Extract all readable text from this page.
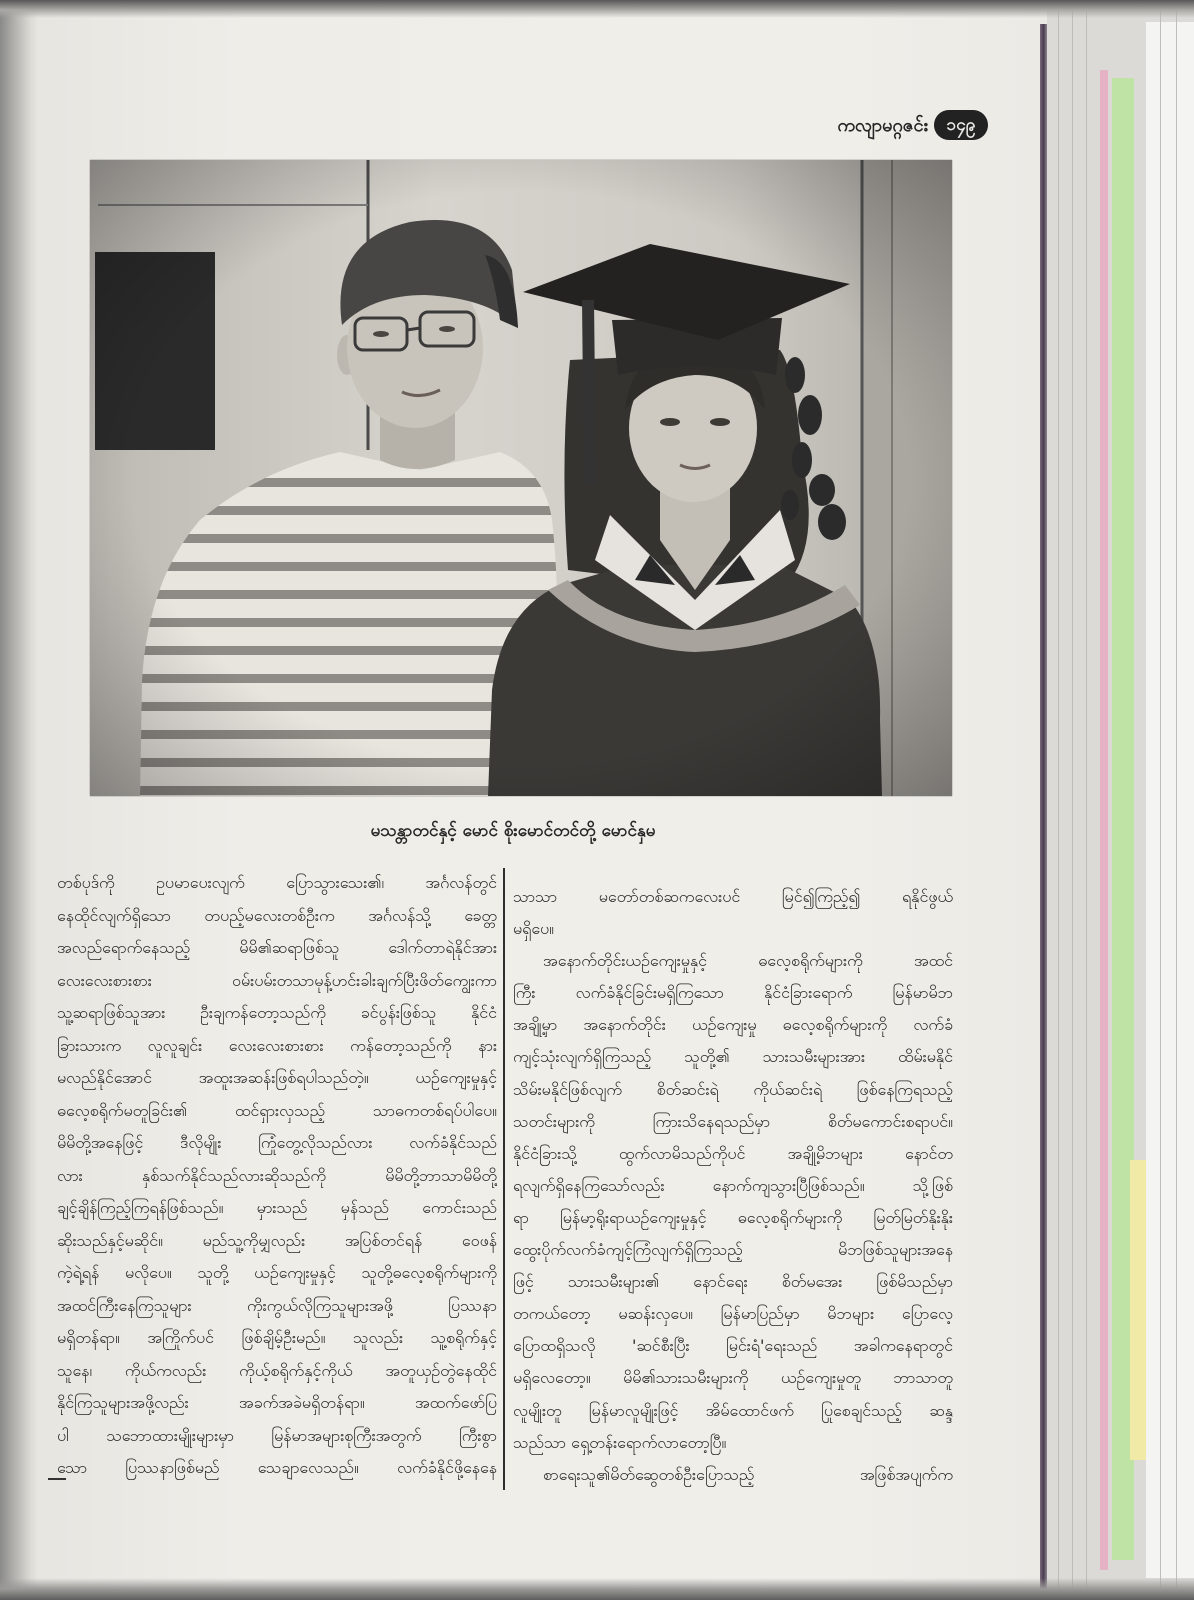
ကလျာမဂ္ဂဇင်း	၁၄၉
မသန္တာတင်နှင့် မောင် စိုးမောင်တင်တို့ မောင်နှမ
တစ်ပုဒ်ကို ဥပမာပေးလျက် ပြောသွားသေး၏၊ အင်္ဂလန်တွင်
နေထိုင်လျက်ရှိသော တပည့်မလေးတစ်ဦးက အင်္ဂလန်သို့ ခေတ္တ
အလည်ရောက်နေသည့် မိမိ၏ဆရာဖြစ်သူ ဒေါက်တာရဲနိုင်အား
လေးလေးစားစား ဝမ်းပမ်းတသာမုန့်ဟင်းခါးချက်ပြီးဖိတ်ကျွေးကာ
သူ့ဆရာဖြစ်သူအား ဦးချကန်တော့သည်ကို ခင်ပွန်းဖြစ်သူ နိုင်ငံ
ခြားသားက လူလူချင်း လေးလေးစားစား ကန်တော့သည်ကို နား
မလည်နိုင်အောင် အထူးအဆန်းဖြစ်ရပါသည်တဲ့။ ယဉ်ကျေးမှုနှင့်
ဓလေ့စရိုက်မတူခြင်း၏ ထင်ရှားလှသည့် သာဓကတစ်ရပ်ပါပေ။
မိမိတို့အနေဖြင့် ဒီလိုမျိုး ကြုံတွေ့လိုသည်လား လက်ခံနိုင်သည်
လား နှစ်သက်နိုင်သည်လားဆိုသည်ကို မိမိတို့ဘာသာမိမိတို့
ချင့်ချိန်ကြည့်ကြရန်ဖြစ်သည်။ မှားသည် မှန်သည် ကောင်းသည်
ဆိုးသည်နှင့်မဆိုင်။ မည်သူ့ကိုမျှလည်း အပြစ်တင်ရန် ဝေဖန်
ကဲ့ရဲ့ရန် မလိုပေ။ သူတို့ ယဉ်ကျေးမှုနှင့် သူတို့ဓလေ့စရိုက်များကို
အထင်ကြီးနေကြသူများ ကိုးကွယ်လိုကြသူများအဖို့ ပြဿနာ
မရှိတန်ရာ။ အကြိုက်ပင် ဖြစ်ချိမ့်ဦးမည်။ သူလည်း သူ့စရိုက်နှင့်
သူနေ၊ ကိုယ်ကလည်း ကိုယ့်စရိုက်နှင့်ကိုယ် အတူယှဉ်တွဲနေထိုင်
နိုင်ကြသူများအဖို့လည်း အခက်အခဲမရှိတန်ရာ။ အထက်ဖော်ပြ
ပါ သဘောထားမျိုးများမှာ မြန်မာအများစုကြီးအတွက် ကြီးစွာ
သော ပြဿနာဖြစ်မည် သေချာလေသည်။ လက်ခံနိုင်ဖို့နေနေ
သာသာ မတော်တစ်ဆကလေးပင် မြင်၍ကြည့်၍ ရနိုင်ဖွယ်
မရှိပေ။
အနောက်တိုင်းယဉ်ကျေးမှုနှင့် ဓလေ့စရိုက်များကို အထင်
ကြီး လက်ခံနိုင်ခြင်းမရှိကြသော နိုင်ငံခြားရောက် မြန်မာမိဘ
အချို့မှာ အနောက်တိုင်း ယဉ်ကျေးမှု ဓလေ့စရိုက်များကို လက်ခံ
ကျင့်သုံးလျက်ရှိကြသည့် သူတို့၏ သားသမီးများအား ထိမ်းမနိုင်
သိမ်းမနိုင်ဖြစ်လျက် စိတ်ဆင်းရဲ ကိုယ်ဆင်းရဲ ဖြစ်နေကြရသည့်
သတင်းများကို ကြားသိနေရသည်မှာ စိတ်မကောင်းစရာပင်။
နိုင်ငံခြားသို့ ထွက်လာမိသည်ကိုပင် အချို့မိဘများ နောင်တ
ရလျက်ရှိနေကြသော်လည်း နောက်ကျသွားပြီဖြစ်သည်။ သို့ဖြစ်
ရာ မြန်မာ့ရိုးရာယဉ်ကျေးမှုနှင့် ဓလေ့စရိုက်များကို မြတ်မြတ်နိုးနိုး
ထွေးပိုက်လက်ခံကျင့်ကြံလျက်ရှိကြသည့် မိဘဖြစ်သူများအနေ
ဖြင့် သားသမီးများ၏ နောင်ရေး စိတ်မအေး ဖြစ်မိသည်မှာ
တကယ်တော့ မဆန်းလှပေ။ မြန်မာပြည်မှာ မိဘများ ပြောလေ့
ပြောထရှိသလို 'ဆင်စီးပြီး မြင်းရံ'ရေးသည် အခါကနေရာတွင်
မရှိလေတော့။ မိမိ၏သားသမီးများကို ယဉ်ကျေးမှုတူ ဘာသာတူ
လူမျိုးတူ မြန်မာလူမျိုးဖြင့် အိမ်ထောင်ဖက် ပြုစေချင်သည့် ဆန္ဒ
သည်သာ ရှေ့တန်းရောက်လာတော့ပြီ။
စာရေးသူ၏မိတ်ဆွေတစ်ဦးပြောသည့် အဖြစ်အပျက်က
